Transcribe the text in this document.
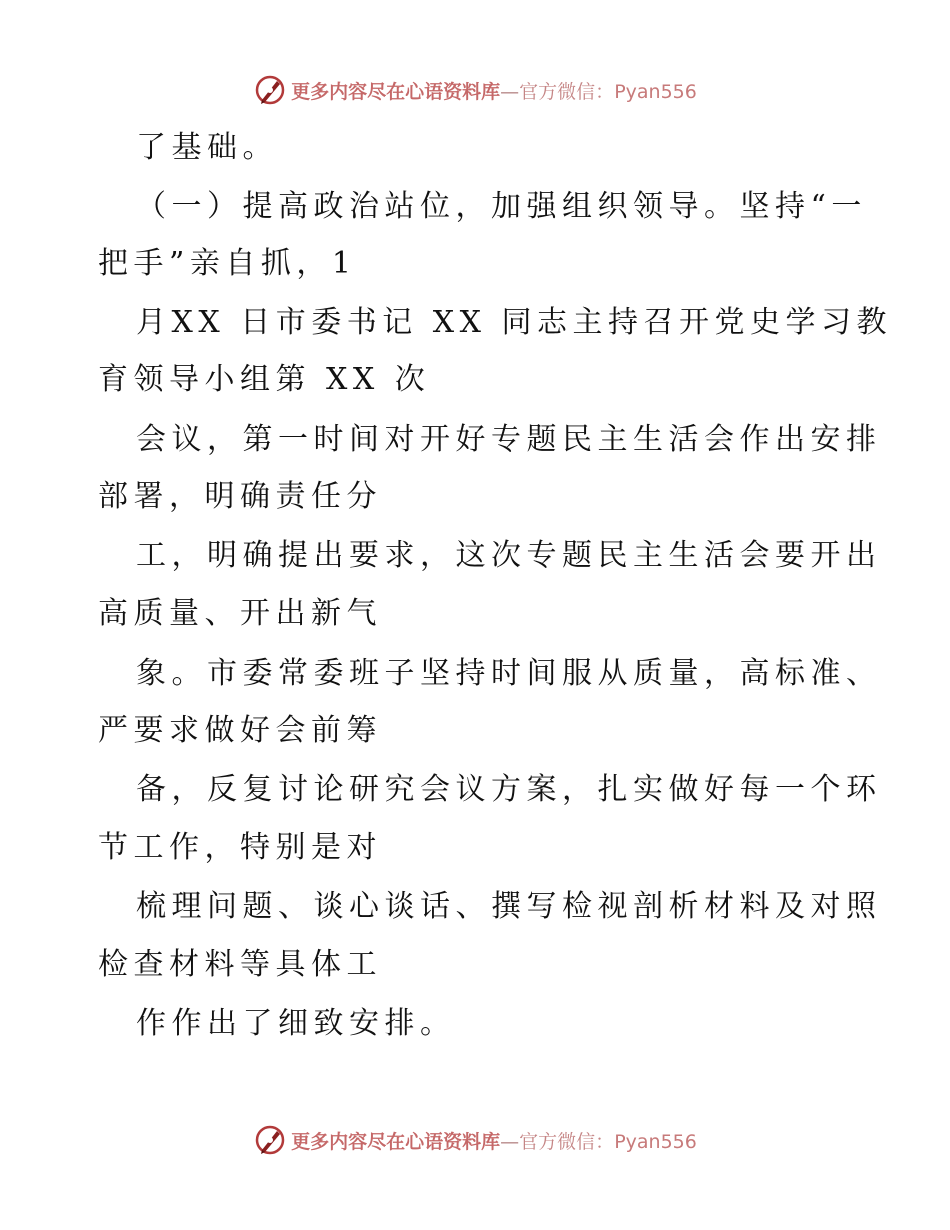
更多内容尽在心语资料库—官方微信：Pyan556
了基础。
（一）提高政治站位，加强组织领导。坚持“一
把手”亲自抓，1
月XX 日市委书记 XX 同志主持召开党史学习教
育领导小组第 XX 次
会议，第一时间对开好专题民主生活会作出安排
部署，明确责任分
工，明确提出要求，这次专题民主生活会要开出
高质量、开出新气
象。市委常委班子坚持时间服从质量，高标准、
严要求做好会前筹
备，反复讨论研究会议方案，扎实做好每一个环
节工作，特别是对
梳理问题、谈心谈话、撰写检视剖析材料及对照
检查材料等具体工
作作出了细致安排。
更多内容尽在心语资料库—官方微信：Pyan556
